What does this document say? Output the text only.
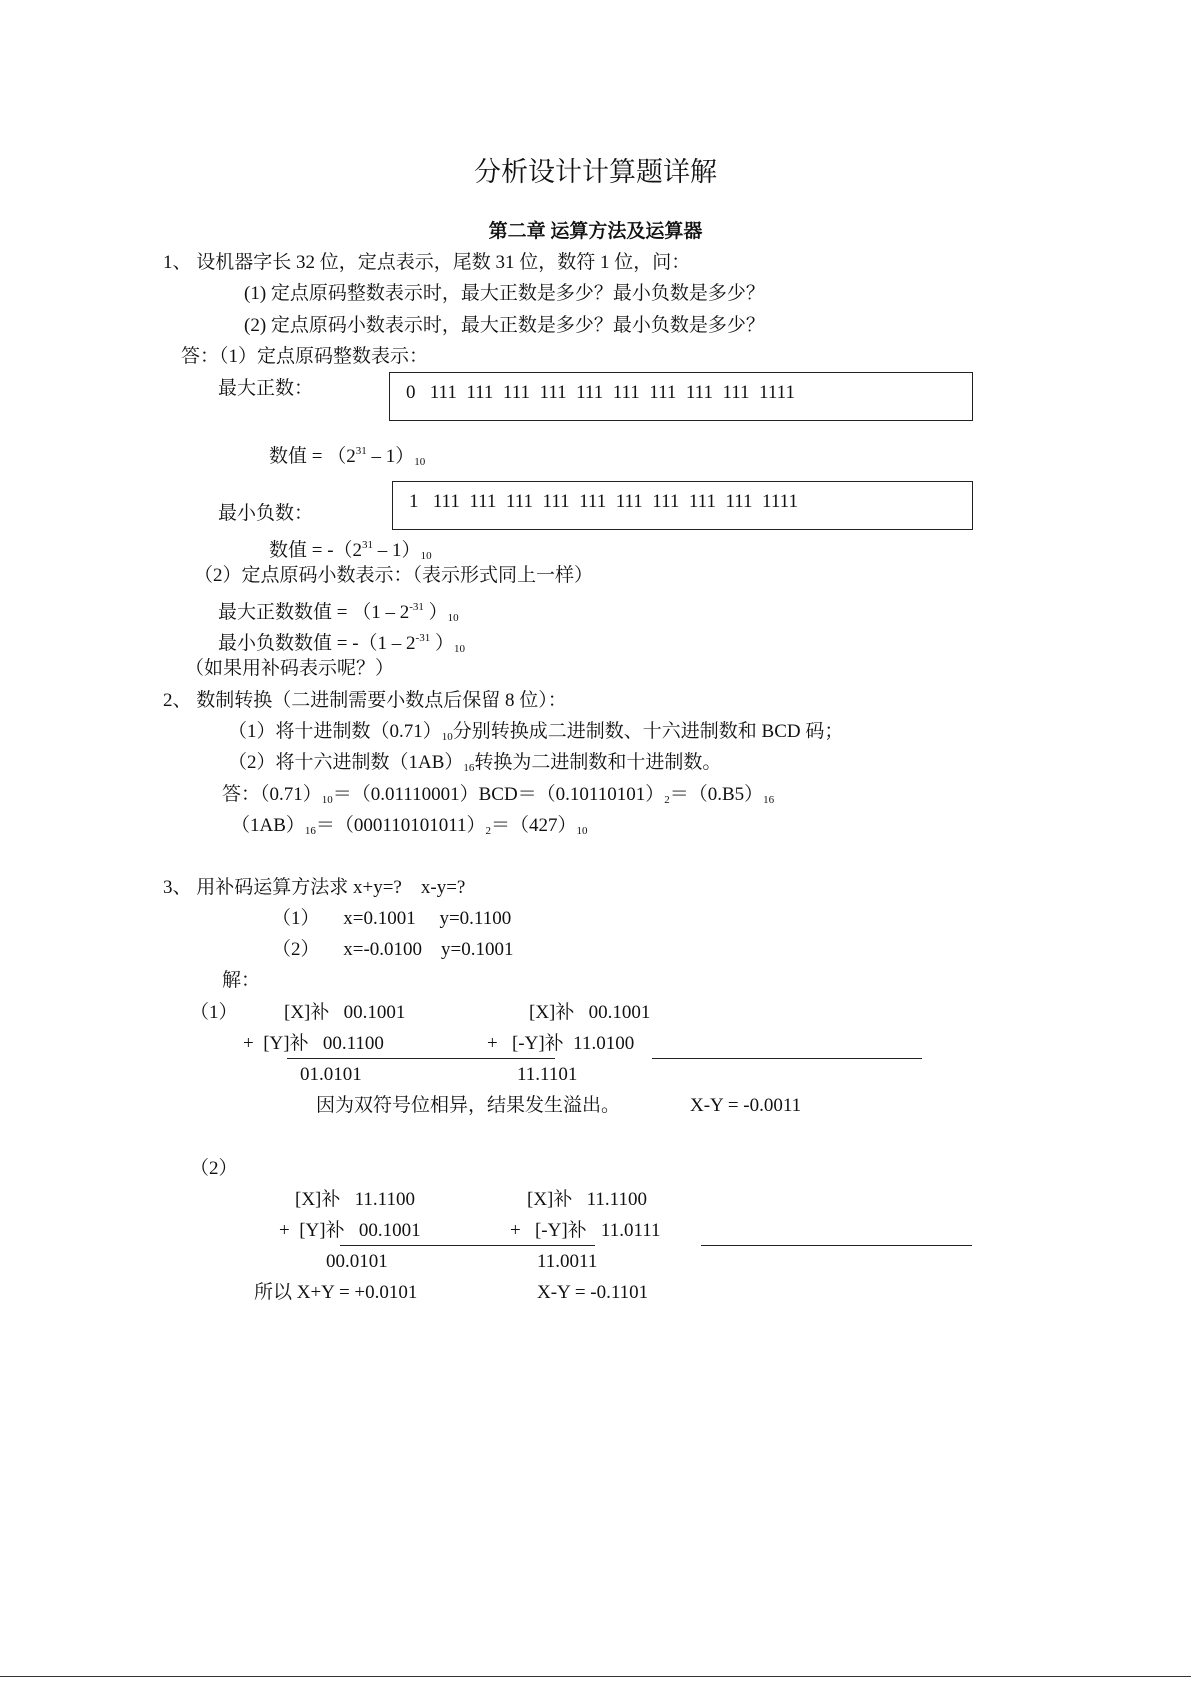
分析设计计算题详解
第二章 运算方法及运算器
1、 设机器字长 32 位，定点表示，尾数 31 位，数符 1 位，问：
(1) 定点原码整数表示时，最大正数是多少？最小负数是多少？
(2) 定点原码小数表示时，最大正数是多少？最小负数是多少？
答：（1）定点原码整数表示：
最大正数：	0   111  111  111  111  111  111  111  111  111  1111
数值 = $(2^{31} - 1)_{10}$
1   111  111  111  111  111  111  111  111  111  1111
最小负数：
数值 = $-(2^{31} - 1)_{10}$
（2）定点原码小数表示：（表示形式同上一样）
最大正数数值 = （$1 - 2^{-31}$ ）$_{10}$
最小负数数值 = $-(1 - 2^{-31}$ ）$_{10}$
（如果用补码表示呢？）
2、 数制转换（二进制需要小数点后保留 8 位）：
（1）将十进制数$(0.71)_{10}$分别转换成二进制数、十六进制数和 BCD 码；
（2）将十六进制数$(1AB)_{16}$转换为二进制数和十进制数。
答：$(0.71)_{10}=(0.01110001)BCD=(0.10110101)_2=(0.B5)_{16}$
$(1AB)_{16}=(000110101011)_2=(427)_{10}$
3、 用补码运算方法求 x+y=?    x-y=?
（1）     x=0.1001     y=0.1100
（2）     x=-0.0100    y=0.1001
解：
（1） [X]补   00.1001
+  [Y]补   00.1100
01.0101
[X]补   00.1001
+   [-Y]补  11.0100
11.1101
因为双符号位相异，结果发生溢出。	X-Y = -0.0011
（2）
[X]补   11.1100
+  [Y]补   00.1001
00.0101
[X]补   11.1100
+   [-Y]补   11.0111
11.0011
所以 X+Y = +0.0101	X-Y = -0.1101
